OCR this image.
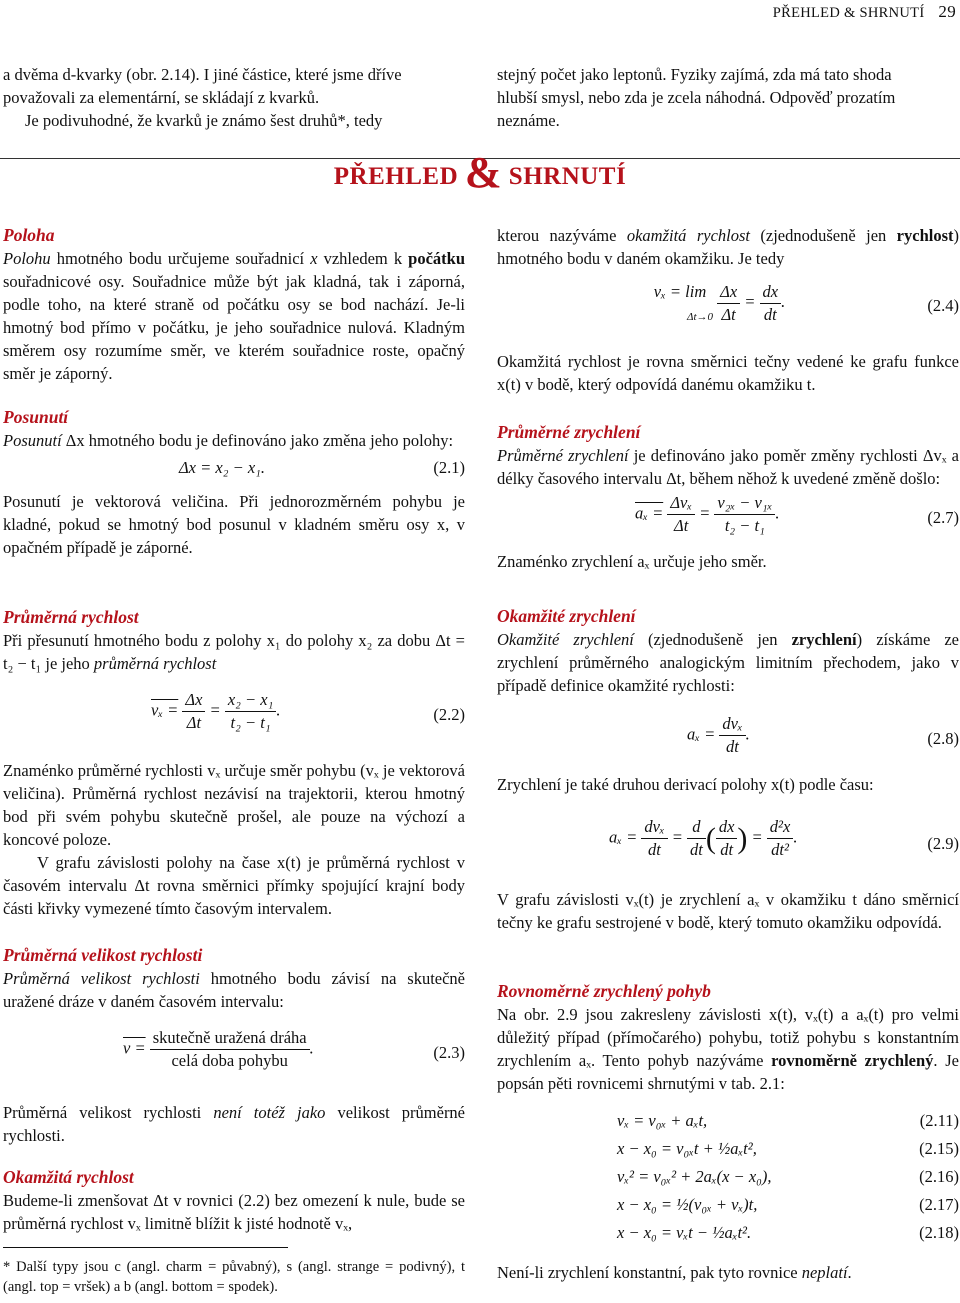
PŘEHLED & SHRNUTÍ 29

a dvěma d-kvarky (obr. 2.14). I jiné částice, které jsme dříve

považovali za elementární, se skládají z kvarků.

Je podivuhodné, že kvarků je známo šest druhů*, tedy

stejný počet jako leptonů. Fyziky zajímá, zda má tato shoda

hlubší smysl, nebo zda je zcela náhodná. Odpověď prozatím

neznáme.

PŘEHLED & SHRNUTÍ

Poloha

Polohu hmotného bodu určujeme souřadnicí x vzhledem k počátku souřadnicové osy. Souřadnice může být jak kladná, tak i záporná, podle toho, na které straně od počátku osy se bod nachází. Je-li hmotný bod přímo v počátku, je jeho souřadnice nulová. Kladným směrem osy rozumíme směr, ve kterém souřadnice roste, opačný směr je záporný.

Posunutí

Posunutí Δx hmotného bodu je definováno jako změna jeho polohy:

Δx = x₂ − x₁.	(2.1)

Posunutí je vektorová veličina. Při jednorozměrném pohybu je kladné, pokud se hmotný bod posunul v kladném směru osy x, v opačném případě je záporné.

Průměrná rychlost

Při přesunutí hmotného bodu z polohy x₁ do polohy x₂ za dobu Δt = t₂ − t₁ je jeho průměrná rychlost

$v_x = \frac{\Delta x}{\Delta t} = \frac{\text{x₂ − x₁}}{\text{t₂ − t₁}}$ .	(2.2)

Znaménko průměrné rychlosti vₓ určuje směr pohybu (vₓ je vektorová veličina). Průměrná rychlost nezávisí na trajektorii, kterou hmotný bod při svém pohybu skutečně prošel, ale pouze na výchozí a koncové poloze.

V grafu závislosti polohy na čase x(t) je průměrná rychlost v časovém intervalu Δt rovna směrnici přímky spojující krajní body části křivky vymezené tímto časovým intervalem.

Průměrná velikost rychlosti

Průměrná velikost rychlosti hmotného bodu závisí na skutečně uražené dráze v daném časovém intervalu:

$v = \frac{\text{skutečně uražená dráha}}{\text{celá doba pohybu}}$ .	(2.3)

Průměrná velikost rychlosti není totéž jako velikost průměrné rychlosti.

Okamžitá rychlost

Budeme-li zmenšovat Δt v rovnici (2.2) bez omezení k nule, bude se průměrná rychlost vₓ limitně blížit k jisté hodnotě vₓ,

* Další typy jsou c (angl. charm = půvabný), s (angl. strange = podivný), t (angl. top = vršek) a b (angl. bottom = spodek).

kterou nazýváme okamžitá rychlost (zjednodušeně jen rychlost) hmotného bodu v daném okamžiku. Je tedy

vₓ = lim
$\Delta t\to 0 \frac{\Delta x}{\Delta t} = \frac{dx}{dt}$ .	(2.4)

Okamžitá rychlost je rovna směrnici tečny vedené ke grafu funkce x(t) v bodě, který odpovídá danému okamžiku t.

Průměrné zrychlení

Průměrné zrychlení je definováno jako poměr změny rychlosti Δvₓ a délky časového intervalu Δt, během něhož k uvedené změně došlo:

$a_x = \frac{\text{Δvₓ}}{\Delta t} = \frac{\text{v₂ₓ − v₁ₓ}}{\text{t₂ − t₁}}$ .	(2.7)

Znaménko zrychlení aₓ určuje jeho směr.

Okamžité zrychlení

Okamžité zrychlení (zjednodušeně jen zrychlení) získáme ze zrychlení průměrného analogickým limitním přechodem, jako v případě definice okamžité rychlosti:

$a_x = \frac{\text{dvₓ}}{dt}$ .	(2.8)

Zrychlení je také druhou derivací polohy x(t) podle času:

$a_x = \frac{\text{dvₓ}}{dt} = \frac{d}{dt}$ ( $\frac{dx}{dt}$ ) = $\frac{\text{d²x}}{\text{dt²}}$ .	(2.9)

V grafu závislosti vₓ(t) je zrychlení aₓ v okamžiku t dáno směrnicí tečny ke grafu sestrojené v bodě, který tomuto okamžiku odpovídá.

Rovnoměrně zrychlený pohyb

Na obr. 2.9 jsou zakresleny závislosti x(t), vₓ(t) a aₓ(t) pro velmi důležitý případ (přímočarého) pohybu, totiž pohybu s konstantním zrychlením aₓ. Tento pohyb nazýváme rovnoměrně zrychlený. Je popsán pěti rovnicemi shrnutými v tab. 2.1:

vₓ = v₀ₓ + aₓt,	(2.11)
x − x₀ = v₀ₓt + ½aₓt²,	(2.15)
vₓ² = v₀ₓ² + 2aₓ(x − x₀),	(2.16)
x − x₀ = ½(v₀ₓ + vₓ)t,	(2.17)
x − x₀ = vₓt − ½aₓt².	(2.18)

Není-li zrychlení konstantní, pak tyto rovnice neplatí.
